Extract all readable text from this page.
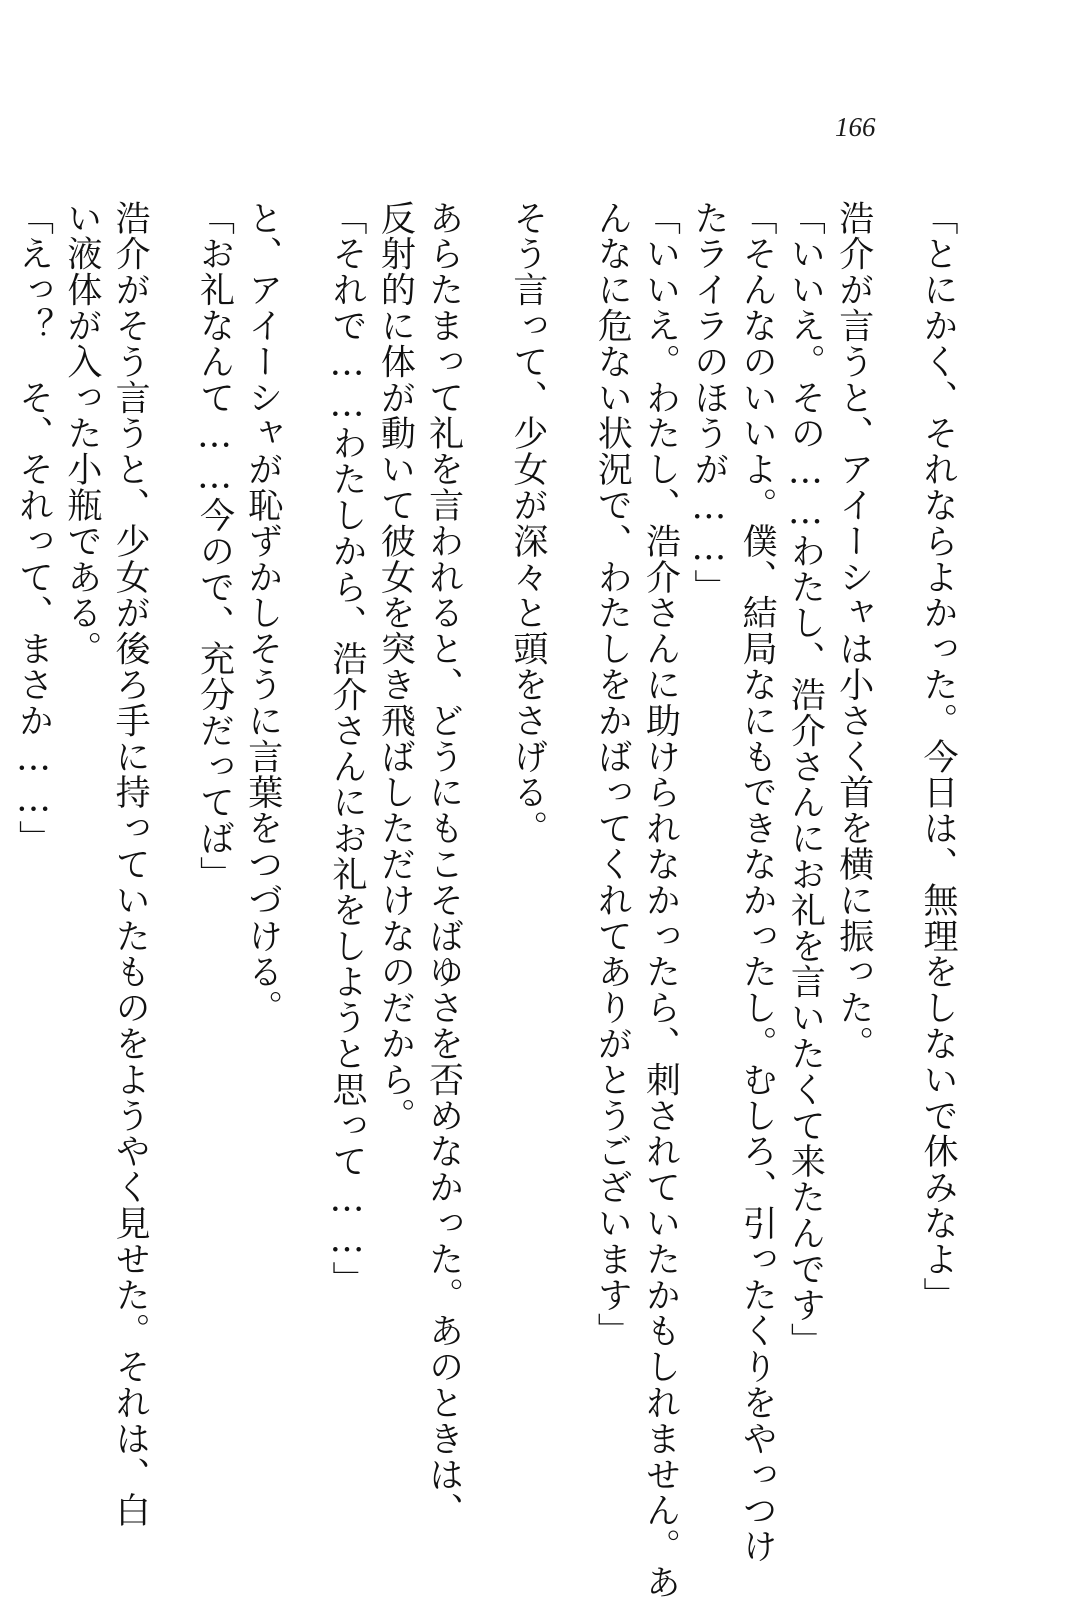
166
「とにかく、それならよかった。今日は、無理をしないで休みなよ」
浩介が言うと、アイーシャは小さく首を横に振った。
「いいえ。その……わたし、浩介さんにお礼を言いたくて来たんです」
「そんなのいいよ。僕、結局なにもできなかったし。むしろ、引ったくりをやっつけ
たライラのほうが……」
「いいえ。わたし、浩介さんに助けられなかったら、刺されていたかもしれません。あ
んなに危ない状況で、わたしをかばってくれてありがとうございます」
そう言って、少女が深々と頭をさげる。
あらたまって礼を言われると、どうにもこそばゆさを否めなかった。あのときは、
反射的に体が動いて彼女を突き飛ばしただけなのだから。
「それで……わたしから、浩介さんにお礼をしようと思って……」
と、アイーシャが恥ずかしそうに言葉をつづける。
「お礼なんて……今ので、充分だってば」
浩介がそう言うと、少女が後ろ手に持っていたものをようやく見せた。それは、白
い液体が入った小瓶である。
「えっ？　そ、それって、まさか……」
